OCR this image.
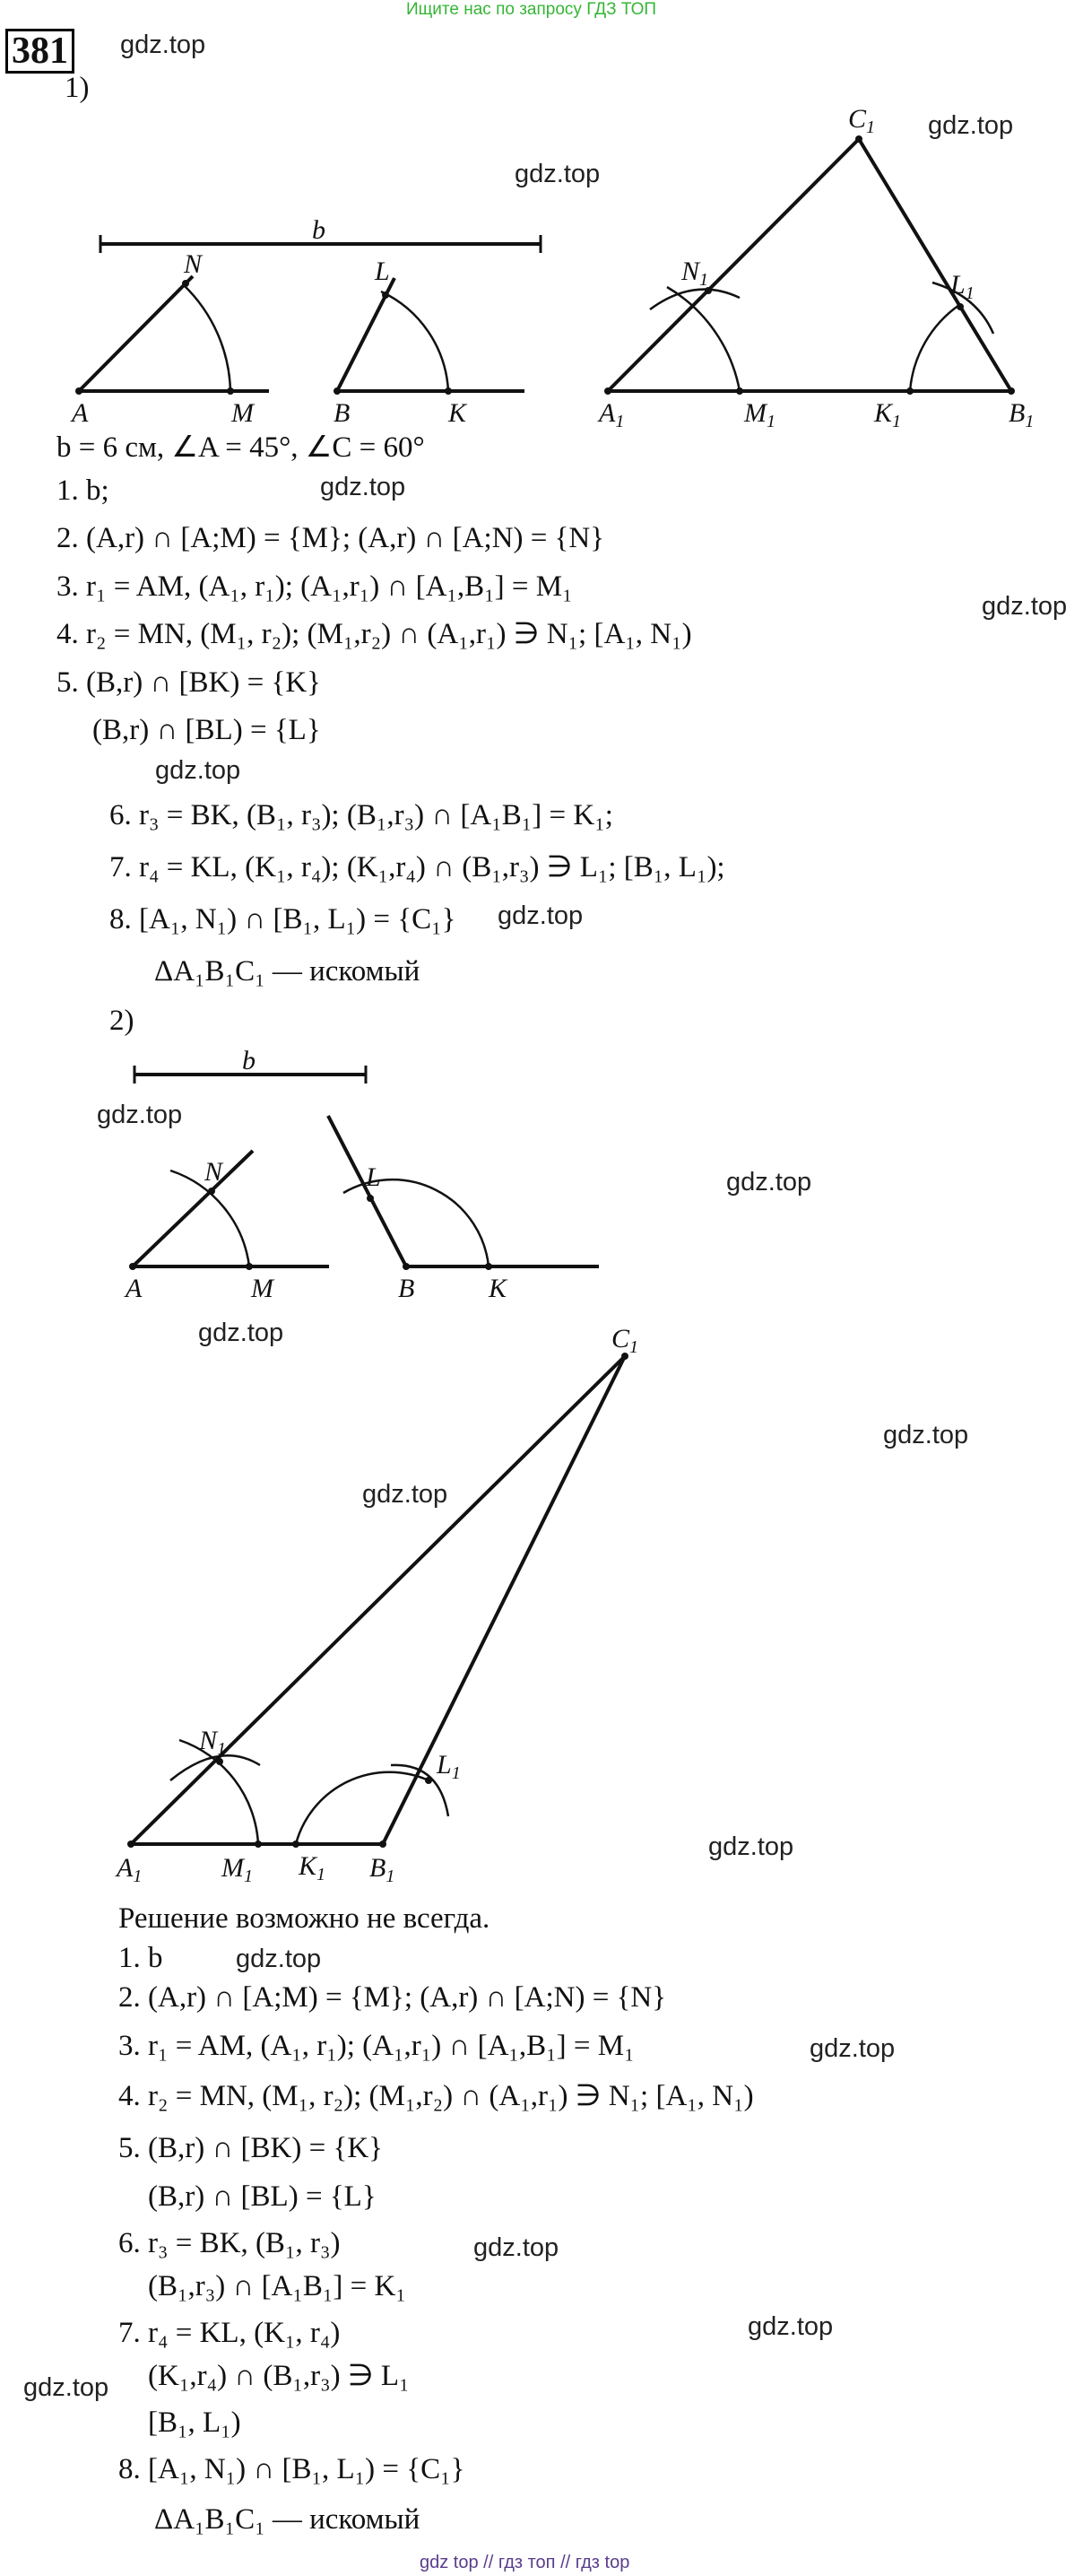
Ищите нас по запросу ГДЗ ТОП
381
1)
gdz.top
gdz.top
gdz.top
gdz.top
gdz.top
gdz.top
gdz.top
gdz.top
gdz.top
gdz.top
gdz.top
gdz.top
gdz.top
gdz.top
gdz.top
gdz.top
gdz.top
gdz.top
b
A	M
N
B	K
L
$A_1$	$M_1$	$K_1$	$B_1$
$N_1$	$L_1$
$C_1$
b = 6 см, ∠A = 45°, ∠C = 60°
1. b;
2. (A,r) ∩ [A;M) = {M}; (A,r) ∩ [A;N) = {N}
3. r₁ = AM, (A₁, r₁); (A₁,r₁) ∩ [A₁,B₁] = M₁
4. r₂ = MN, (M₁, r₂); (M₁,r₂) ∩ (A₁,r₁) ∋ N₁; [A₁, N₁)
5. (B,r) ∩ [BK) = {K}
(B,r) ∩ [BL) = {L}
6. r₃ = BK, (B₁, r₃); (B₁,r₃) ∩ [A₁B₁] = K₁;
7. r₄ = KL, (K₁, r₄); (K₁,r₄) ∩ (B₁,r₃) ∋ L₁; [B₁, L₁);
8. [A₁, N₁) ∩ [B₁, L₁) = {C₁}
ΔA₁B₁C₁ — искомый
2)
b
A	M
N
B	K
L
$A_1$	$M_1$ $K_1$ $B_1$
$N_1$
$L_1$
$C_1$
Решение возможно не всегда.
1. b
2. (A,r) ∩ [A;M) = {M}; (A,r) ∩ [A;N) = {N}
3. r₁ = AM, (A₁, r₁); (A₁,r₁) ∩ [A₁,B₁] = M₁
4. r₂ = MN, (M₁, r₂); (M₁,r₂) ∩ (A₁,r₁) ∋ N₁; [A₁, N₁)
5. (B,r) ∩ [BK) = {K}
(B,r) ∩ [BL) = {L}
6. r₃ = BK, (B₁, r₃)
(B₁,r₃) ∩ [A₁B₁] = K₁
7. r₄ = KL, (K₁, r₄)
(K₁,r₄) ∩ (B₁,r₃) ∋ L₁
[B₁, L₁)
8. [A₁, N₁) ∩ [B₁, L₁) = {C₁}
ΔA₁B₁C₁ — искомый
gdz top // гдз топ // гдз top
